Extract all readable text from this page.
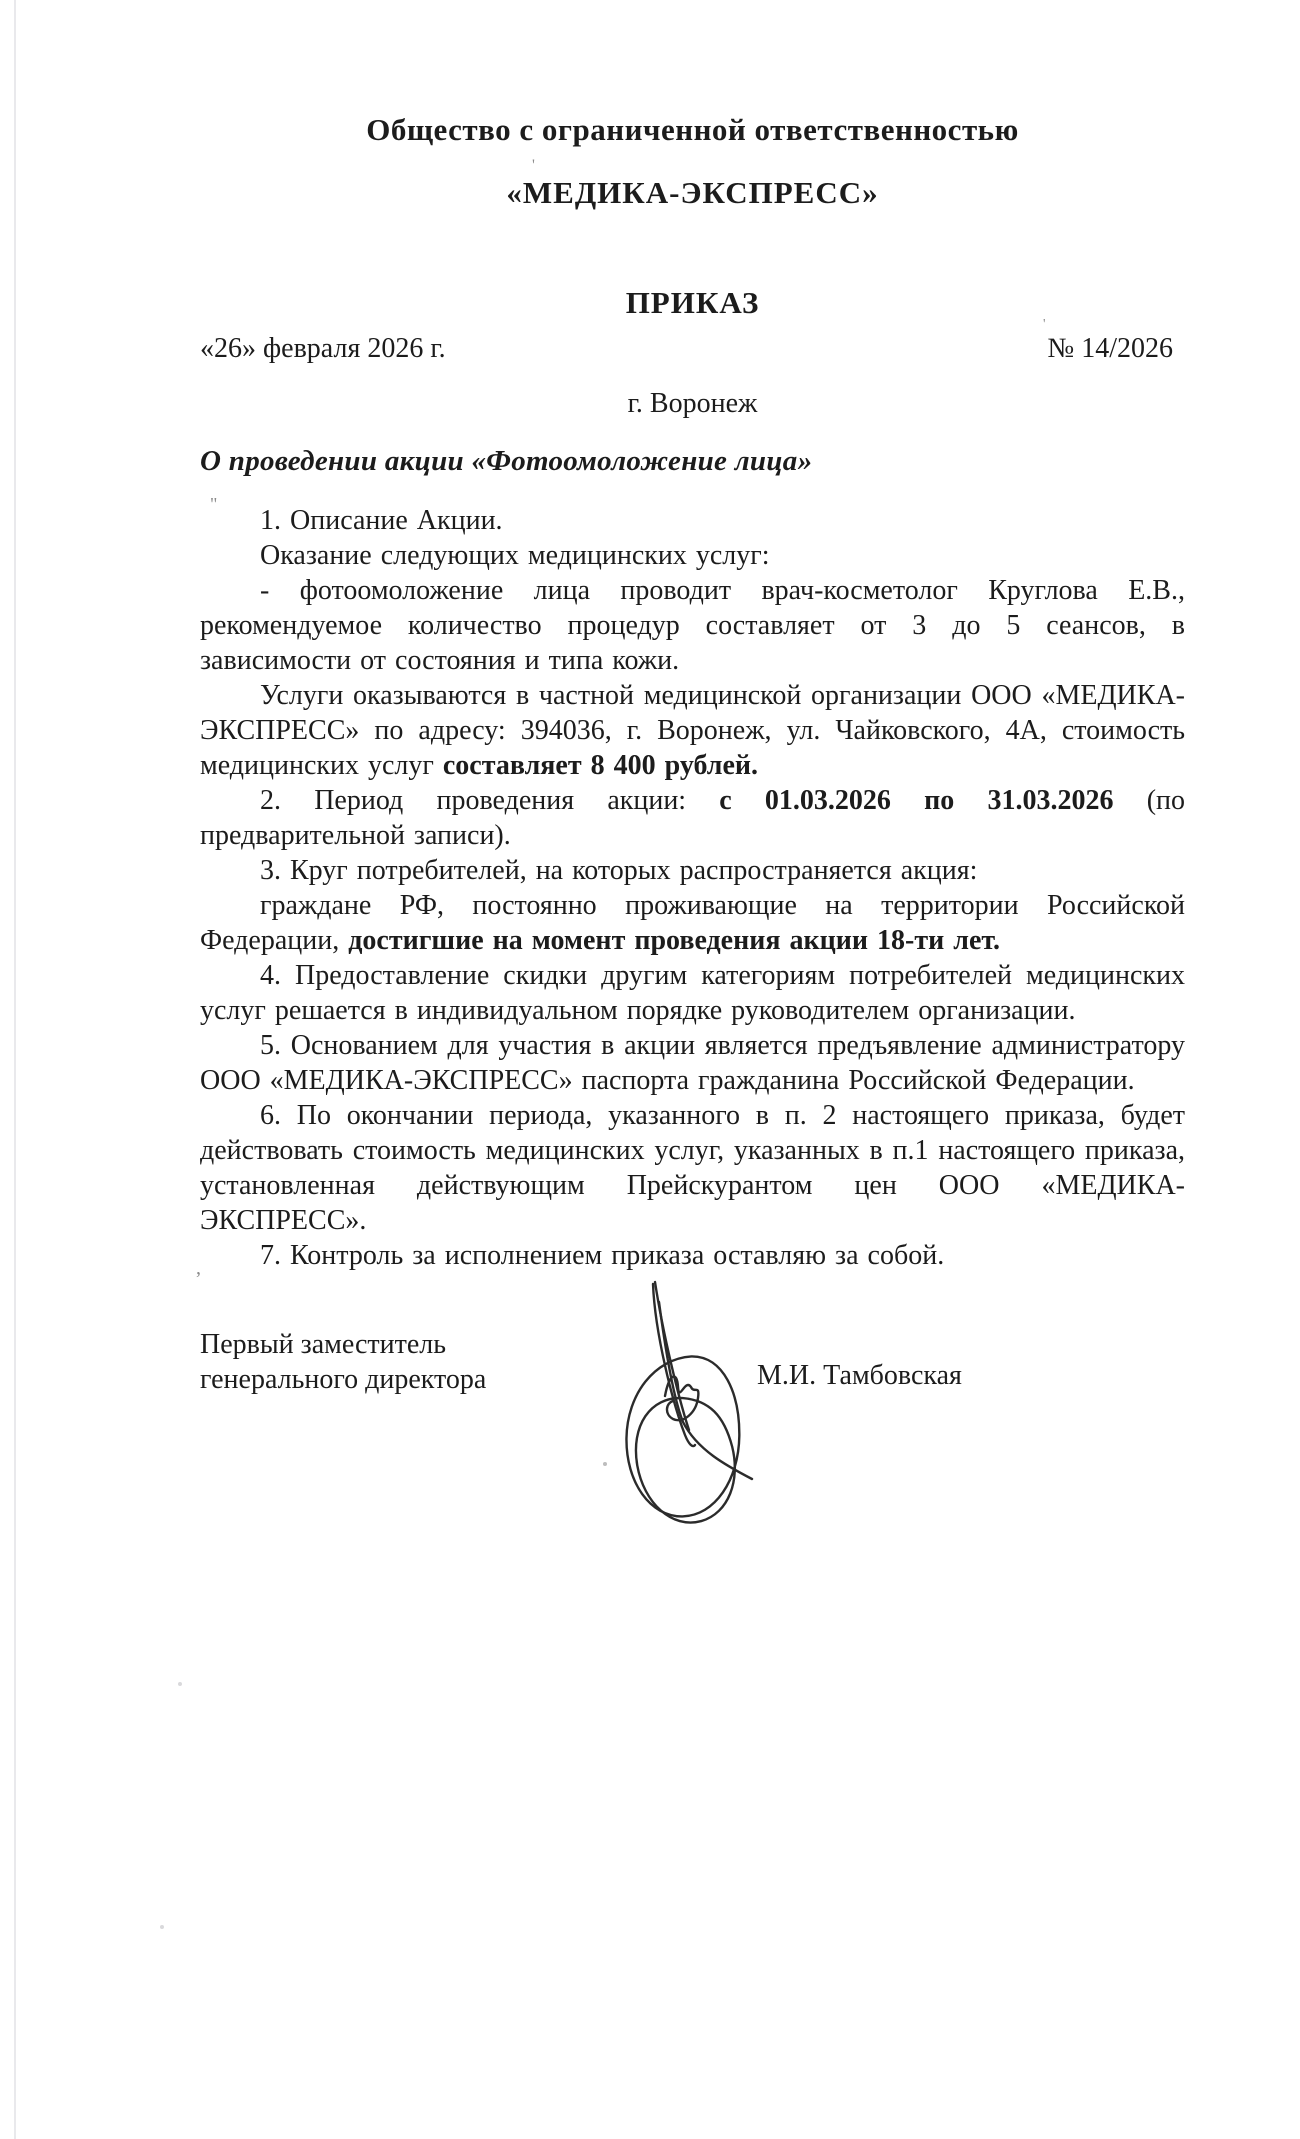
Общество с ограниченной ответственностью
«МЕДИКА-ЭКСПРЕСС»
ПРИКАЗ
«26» февраля 2026 г.	№ 14/2026
г. Воронеж
О проведении акции «Фотоомоложение лица»

1. Описание Акции.

Оказание следующих медицинских услуг:

- фотоомоложение лица проводит врач-косметолог Круглова Е.В., рекомендуемое количество процедур составляет от 3 до 5 сеансов, в зависимости от состояния и типа кожи.

Услуги оказываются в частной медицинской организации ООО «МЕДИКА-ЭКСПРЕСС» по адресу: 394036, г. Воронеж, ул. Чайковского, 4А, стоимость медицинских услуг составляет 8 400 рублей.

2. Период проведения акции: с 01.03.2026 по 31.03.2026 (по предварительной записи).

3. Круг потребителей, на которых распространяется акция:

граждане РФ, постоянно проживающие на территории Российской Федерации, достигшие на момент проведения акции 18-ти лет.

4. Предоставление скидки другим категориям потребителей медицинских услуг решается в индивидуальном порядке руководителем организации.

5. Основанием для участия в акции является предъявление администратору ООО «МЕДИКА-ЭКСПРЕСС» паспорта гражданина Российской Федерации.

6. По окончании периода, указанного в п. 2 настоящего приказа, будет действовать стоимость медицинских услуг, указанных в п.1 настоящего приказа, установленная действующим Прейскурантом цен ООО «МЕДИКА-ЭКСПРЕСС».

7. Контроль за исполнением приказа оставляю за собой.

Первый заместитель
генерального директора	М.И. Тамбовская
'
"
,
'
